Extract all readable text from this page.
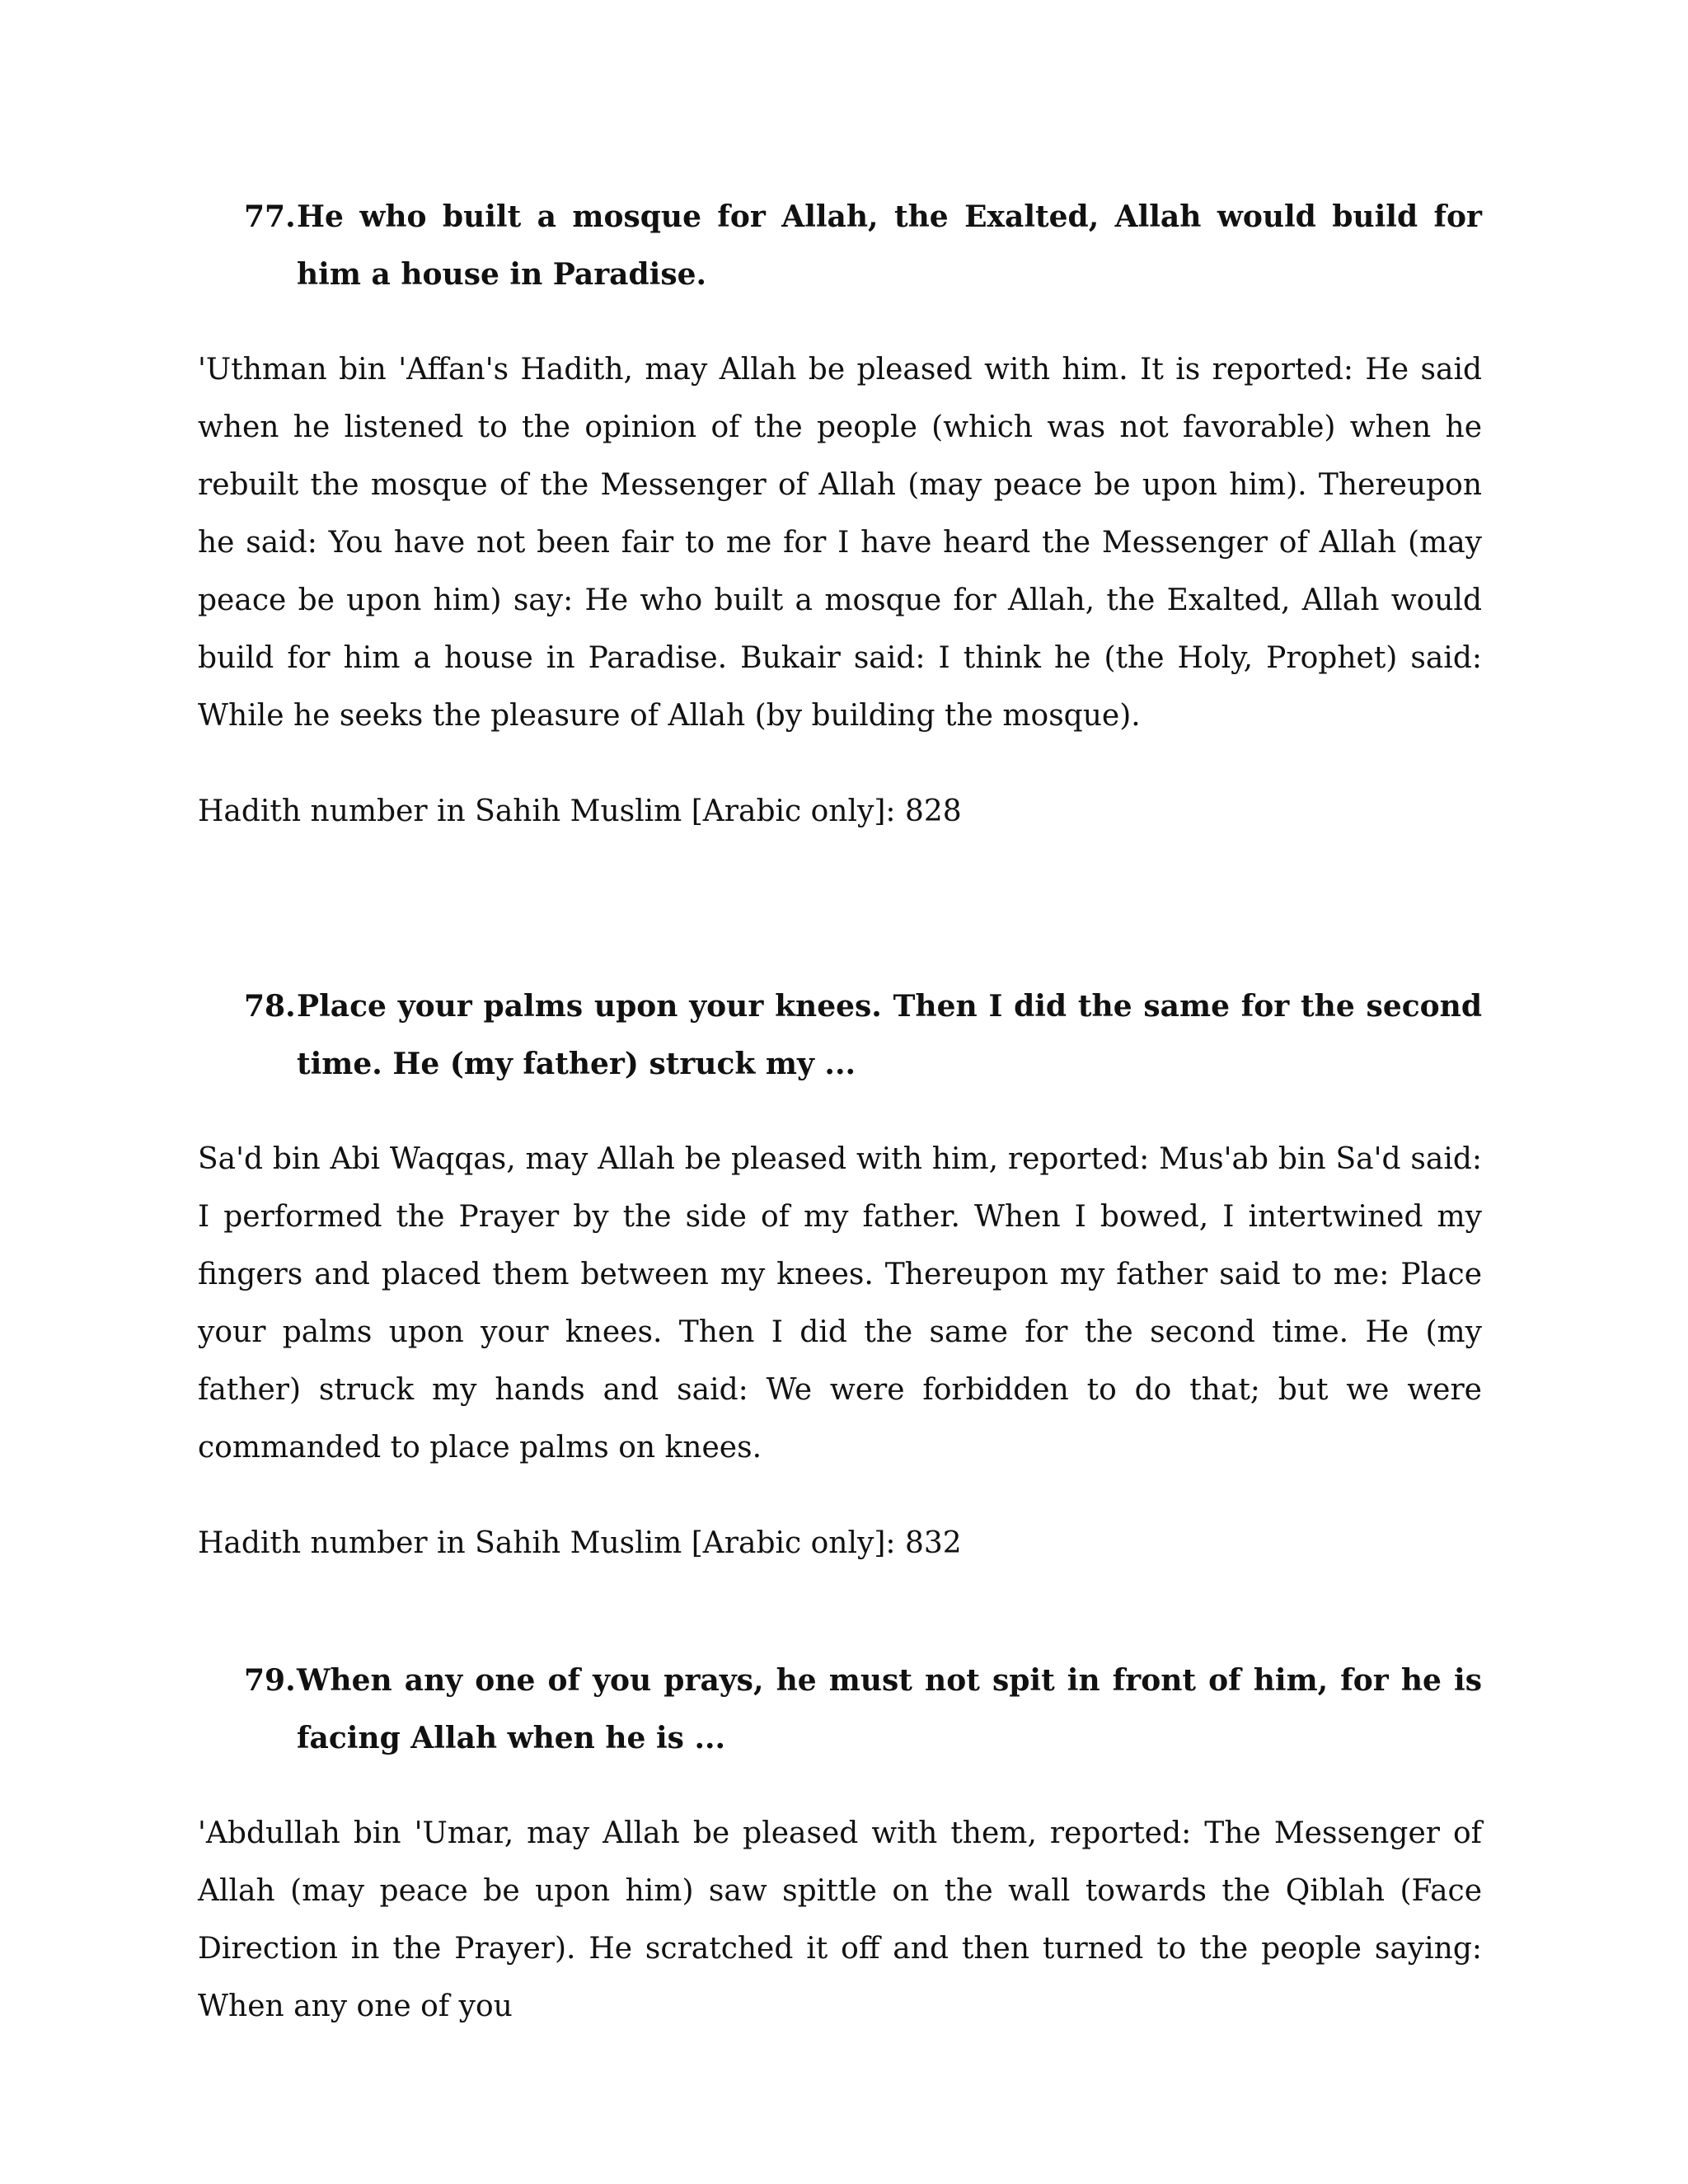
77. He who built a mosque for Allah, the Exalted, Allah would build for him a house in Paradise.

'Uthman bin 'Affan's Hadith, may Allah be pleased with him. It is reported: He said when he listened to the opinion of the people (which was not favorable) when he rebuilt the mosque of the Messenger of Allah (may peace be upon him). Thereupon he said: You have not been fair to me for I have heard the Messenger of Allah (may peace be upon him) say: He who built a mosque for Allah, the Exalted, Allah would build for him a house in Paradise. Bukair said: I think he (the Holy, Prophet) said: While he seeks the pleasure of Allah (by building the mosque).

Hadith number in Sahih Muslim [Arabic only]: 828

78. Place your palms upon your knees. Then I did the same for the second time. He (my father) struck my ...

Sa'd bin Abi Waqqas, may Allah be pleased with him, reported: Mus'ab bin Sa'd said: I performed the Prayer by the side of my father. When I bowed, I intertwined my fingers and placed them between my knees. Thereupon my father said to me: Place your palms upon your knees. Then I did the same for the second time. He (my father) struck my hands and said: We were forbidden to do that; but we were commanded to place palms on knees.

Hadith number in Sahih Muslim [Arabic only]: 832

79. When any one of you prays, he must not spit in front of him, for he is facing Allah when he is ...

'Abdullah bin 'Umar, may Allah be pleased with them, reported: The Messenger of Allah (may peace be upon him) saw spittle on the wall towards the Qiblah (Face Direction in the Prayer). He scratched it off and then turned to the people saying: When any one of you
